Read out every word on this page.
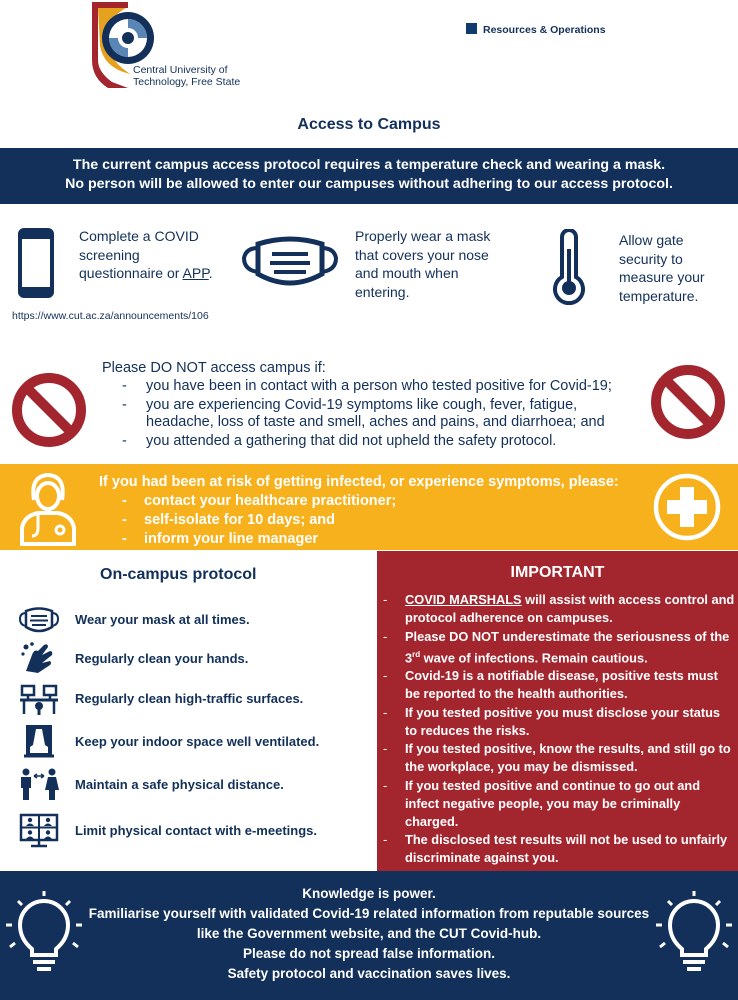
Central University of
Technology, Free State
Resources & Operations
Access to Campus
The current campus access protocol requires a temperature check and wearing a mask.
No person will be allowed to enter our campuses without adhering to our access protocol.
Complete a COVID screening questionnaire or APP.
https://www.cut.ac.za/announcements/106
Properly wear a mask that covers your nose and mouth when entering.
Allow gate security to measure your temperature.
Please DO NOT access campus if:
- you have been in contact with a person who tested positive for Covid-19;
- you are experiencing Covid-19 symptoms like cough, fever, fatigue, headache, loss of taste and smell, aches and pains, and diarrhoea; and
- you attended a gathering that did not upheld the safety protocol.
If you had been at risk of getting infected, or experience symptoms, please:
- contact your healthcare practitioner;
- self-isolate for 10 days; and
- inform your line manager
On-campus protocol
Wear your mask at all times.
Regularly clean your hands.
Regularly clean high-traffic surfaces.
Keep your indoor space well ventilated.
Maintain a safe physical distance.
Limit physical contact with e-meetings.
IMPORTANT
- COVID MARSHALS will assist with access control and protocol adherence on campuses.
- Please DO NOT underestimate the seriousness of the 3rd wave of infections. Remain cautious.
- Covid-19 is a notifiable disease, positive tests must be reported to the health authorities.
- If you tested positive you must disclose your status to reduces the risks.
- If you tested positive, know the results, and still go to the workplace, you may be dismissed.
- If you tested positive and continue to go out and infect negative people, you may be criminally charged.
- The disclosed test results will not be used to unfairly discriminate against you.
Knowledge is power.
Familiarise yourself with validated Covid-19 related information from reputable sources like the Government website, and the CUT Covid-hub.
Please do not spread false information.
Safety protocol and vaccination saves lives.
